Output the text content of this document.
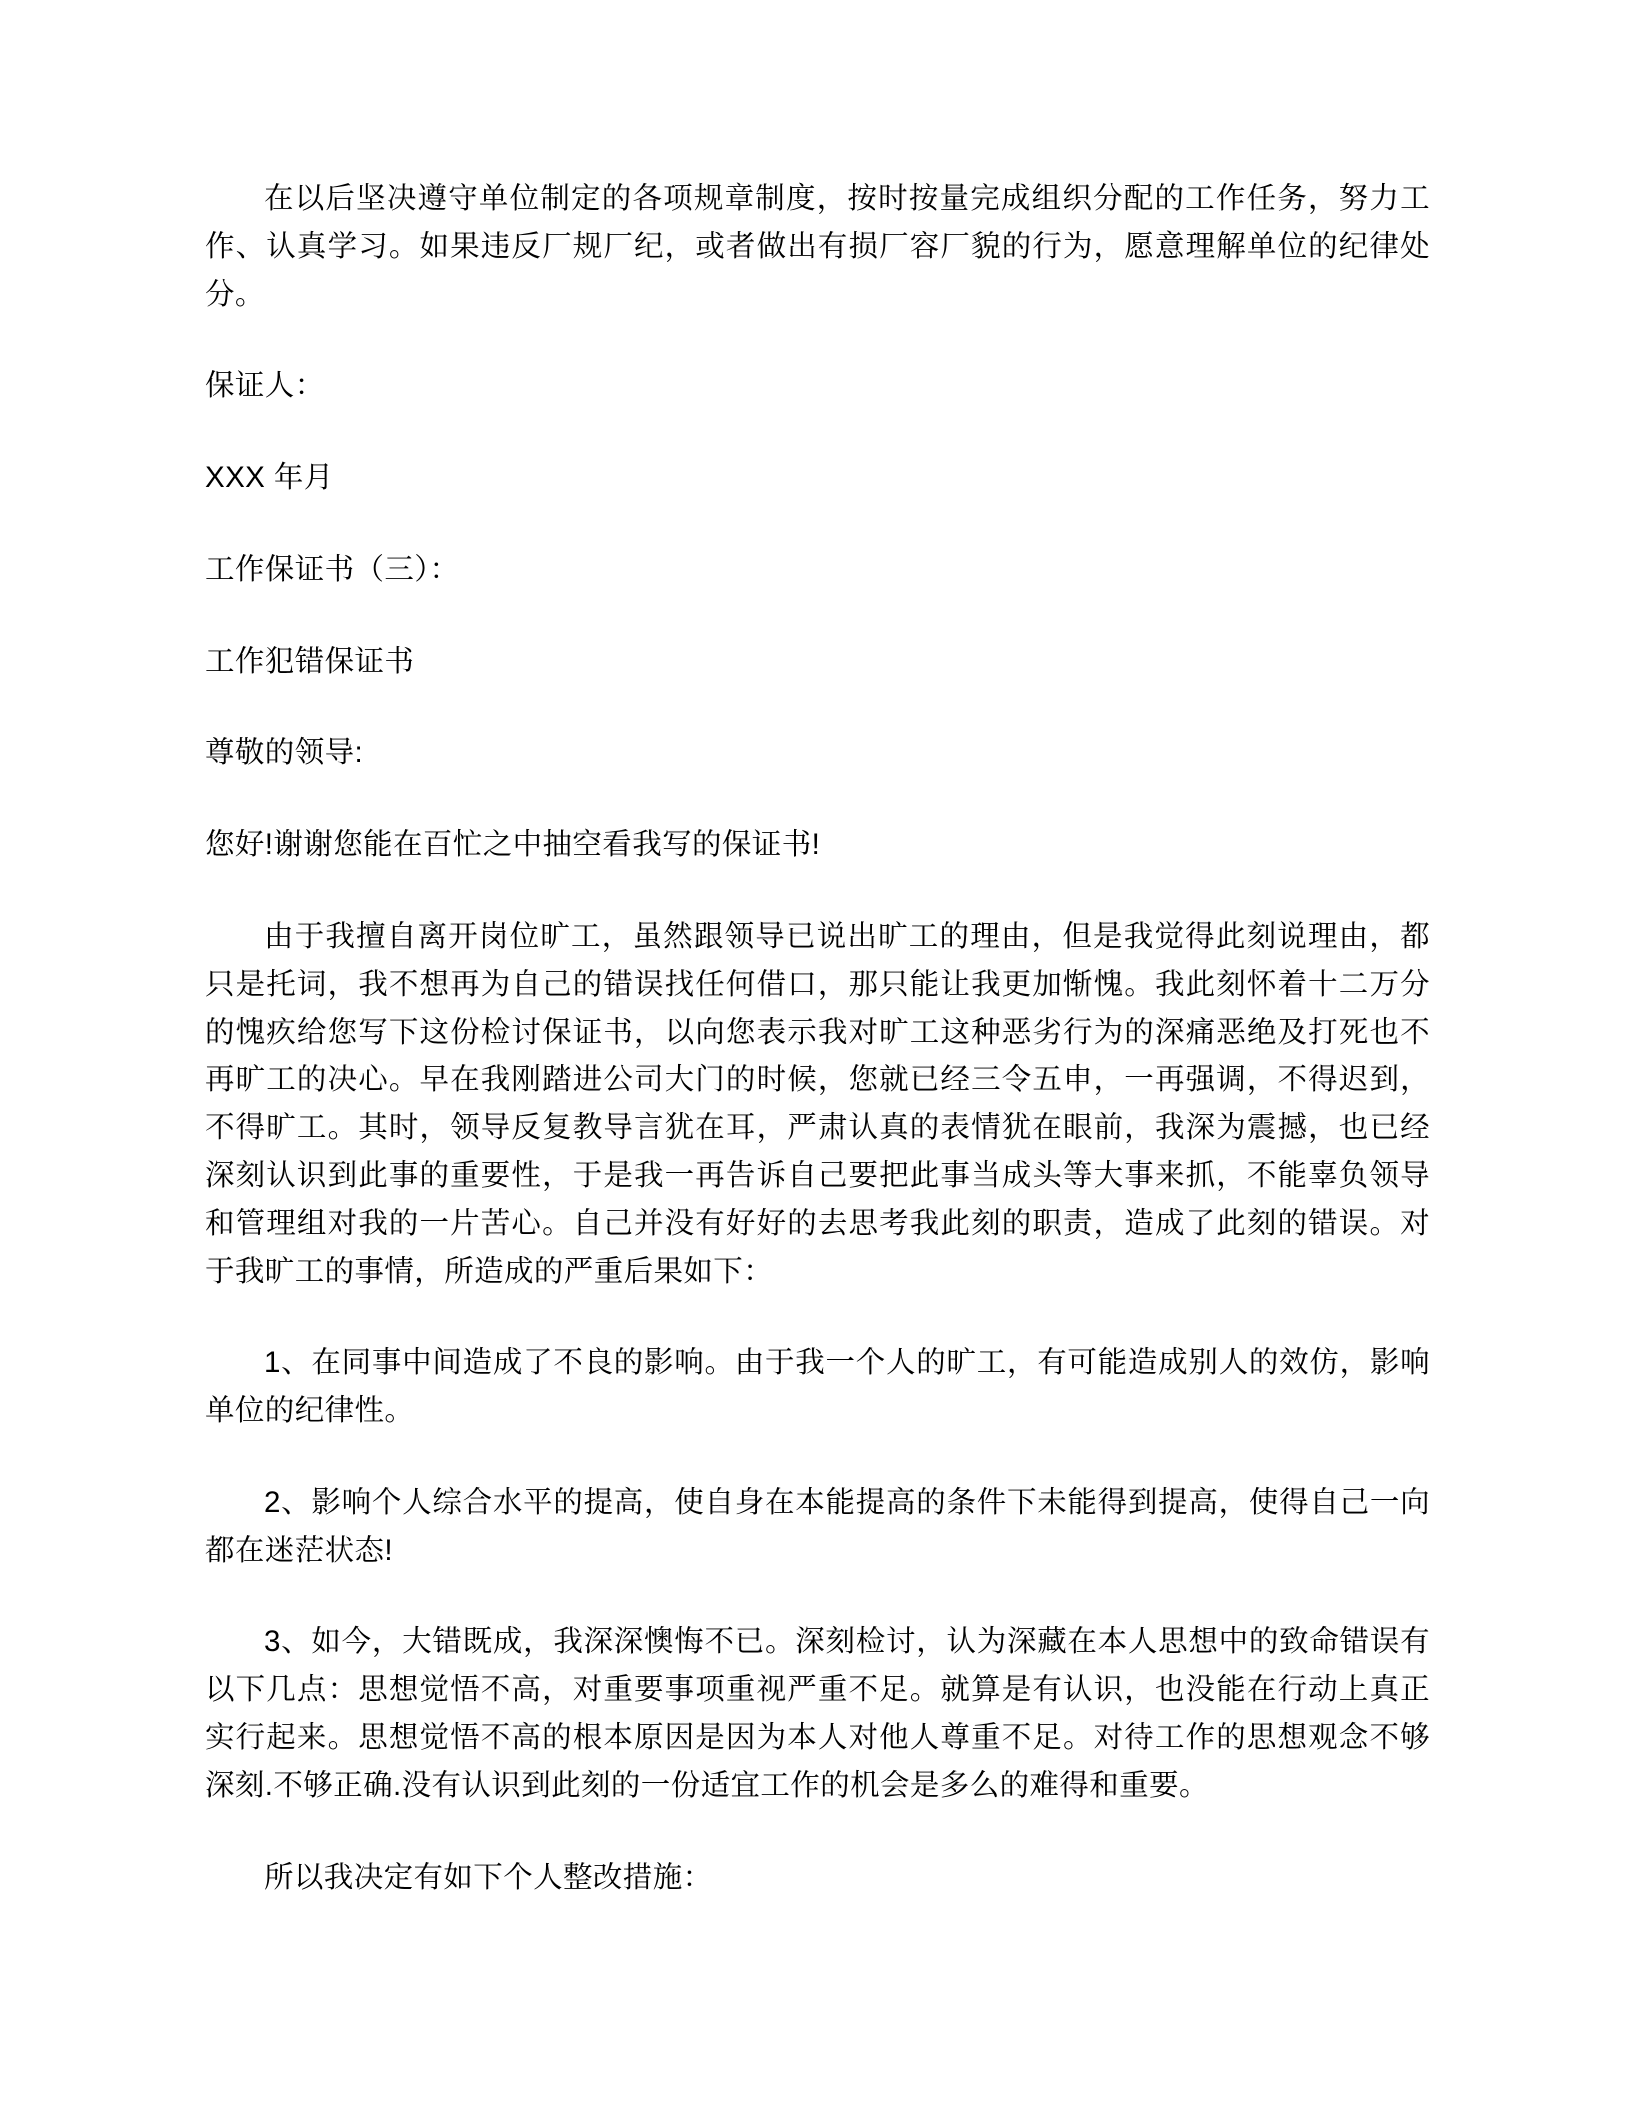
在以后坚决遵守单位制定的各项规章制度，按时按量完成组织分配的工作任务，努力工作、认真学习。如果违反厂规厂纪，或者做出有损厂容厂貌的行为，愿意理解单位的纪律处分。

保证人：

XXX 年月

工作保证书（三）：

工作犯错保证书

尊敬的领导:

您好!谢谢您能在百忙之中抽空看我写的保证书!

由于我擅自离开岗位旷工，虽然跟领导已说出旷工的理由，但是我觉得此刻说理由，都只是托词，我不想再为自己的错误找任何借口，那只能让我更加惭愧。我此刻怀着十二万分的愧疚给您写下这份检讨保证书，以向您表示我对旷工这种恶劣行为的深痛恶绝及打死也不再旷工的决心。早在我刚踏进公司大门的时候，您就已经三令五申，一再强调，不得迟到，不得旷工。其时，领导反复教导言犹在耳，严肃认真的表情犹在眼前，我深为震撼，也已经深刻认识到此事的重要性，于是我一再告诉自己要把此事当成头等大事来抓，不能辜负领导和管理组对我的一片苦心。自己并没有好好的去思考我此刻的职责，造成了此刻的错误。对于我旷工的事情，所造成的严重后果如下：

1、在同事中间造成了不良的影响。由于我一个人的旷工，有可能造成别人的效仿，影响单位的纪律性。

2、影响个人综合水平的提高，使自身在本能提高的条件下未能得到提高，使得自己一向都在迷茫状态!

3、如今，大错既成，我深深懊悔不已。深刻检讨，认为深藏在本人思想中的致命错误有以下几点：思想觉悟不高，对重要事项重视严重不足。就算是有认识，也没能在行动上真正实行起来。思想觉悟不高的根本原因是因为本人对他人尊重不足。对待工作的思想观念不够深刻.不够正确.没有认识到此刻的一份适宜工作的机会是多么的难得和重要。

所以我决定有如下个人整改措施：
